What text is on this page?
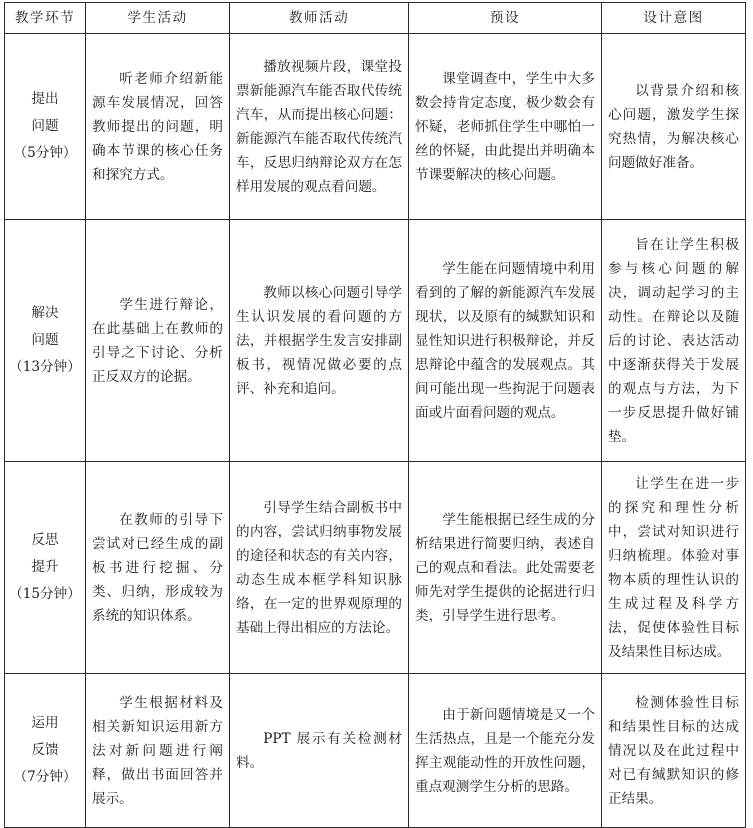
教学环节	学生活动	教师活动	预设	设计意图

提出
问题
（5分钟）	听老师介绍新能源车发展情况，回答教师提出的问题，明确本节课的核心任务和探究方式。	播放视频片段，课堂投票新能源汽车能否取代传统汽车，从而提出核心问题：新能源汽车能否取代传统汽车，反思归纳辩论双方在怎样用发展的观点看问题。	课堂调查中，学生中大多数会持肯定态度，极少数会有怀疑，老师抓住学生中哪怕一丝的怀疑，由此提出并明确本节课要解决的核心问题。	以背景介绍和核心问题，激发学生探究热情，为解决核心问题做好准备。

解决
问题
（13分钟）	学生进行辩论，在此基础上在教师的引导之下讨论、分析正反双方的论据。	教师以核心问题引导学生认识发展的看问题的方法，并根据学生发言安排副板书，视情况做必要的点评、补充和追问。	学生能在问题情境中利用看到的了解的新能源汽车发展现状，以及原有的缄默知识和显性知识进行积极辩论，并反思辩论中蕴含的发展观点。其间可能出现一些拘泥于问题表面或片面看问题的观点。	旨在让学生积极参与核心问题的解决，调动起学习的主动性。在辩论以及随后的讨论、表达活动中逐渐获得关于发展的观点与方法，为下一步反思提升做好铺垫。

反思
提升
（15分钟）	在教师的引导下尝试对已经生成的副板书进行挖掘、分类、归纳，形成较为系统的知识体系。	引导学生结合副板书中的内容，尝试归纳事物发展的途径和状态的有关内容，动态生成本框学科知识脉络，在一定的世界观原理的基础上得出相应的方法论。	学生能根据已经生成的分析结果进行简要归纳，表述自己的观点和看法。此处需要老师先对学生提供的论据进行归类，引导学生进行思考。	让学生在进一步的探究和理性分析中，尝试对知识进行归纳梳理。体验对事物本质的理性认识的生成过程及科学方法，促使体验性目标及结果性目标达成。

运用
反馈
（7分钟）	学生根据材料及相关新知识运用新方法对新问题进行阐释，做出书面回答并展示。	PPT 展示有关检测材料。	由于新问题情境是又一个生活热点，且是一个能充分发挥主观能动性的开放性问题，重点观测学生分析的思路。	检测体验性目标和结果性目标的达成情况以及在此过程中对已有缄默知识的修正结果。
